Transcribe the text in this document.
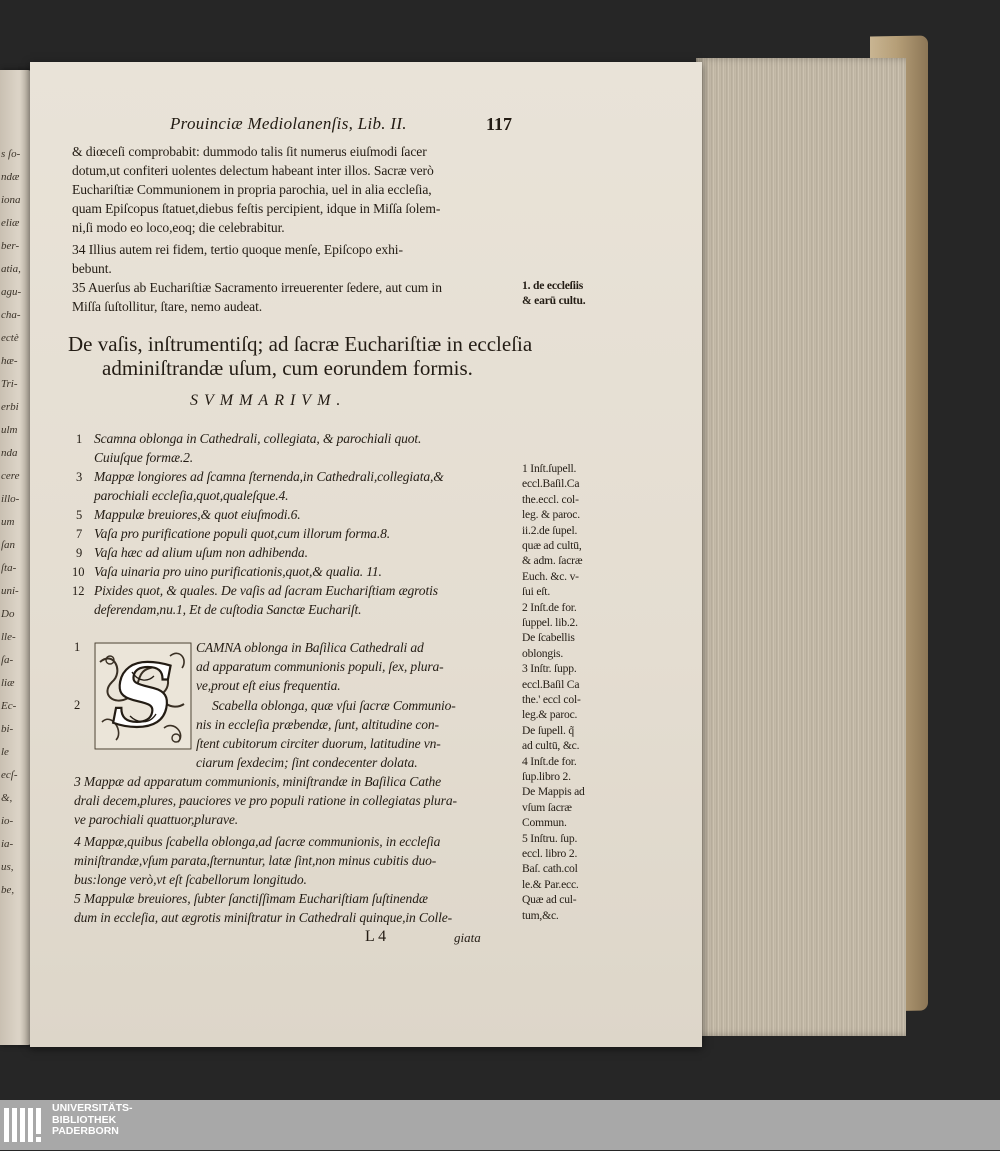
s ſo-
ndæ
iona
eliæ
ber-
atia,
agu-
cha-
ectè
hæ-
Tri-
erbi
ulm
nda
cere
illo-
um
ſan
ſta-
uni-
Do
lle-
ſa-
liæ
Ec-
bi-
le
ecſ-
&,
io-
ia-
us,
be,
Prouinciæ Mediolanenſis, Lib. II.	117
& diœceſi comprobabit: dummodo talis ſit numerus eiuſmodi ſacer
dotum,ut confiteri uolentes delectum habeant inter illos. Sacræ verò
Euchariſtiæ Communionem in propria parochia, uel in alia eccleſia,
quam Epiſcopus ſtatuet,diebus feſtis percipient, idque in Miſſa ſolem-
ni,ſi modo eo loco,eoq; die celebrabitur.
34 Illius autem rei fidem, tertio quoque menſe, Epiſcopo exhi-
bebunt.
35 Auerſus ab Euchariſtiæ Sacramento irreuerenter ſedere, aut cum in
Miſſa ſuſtollitur, ſtare, nemo audeat.
1. de eccleſiis
& earū cultu.
De vaſis, inſtrumentiſq; ad ſacræ Euchariſtiæ in eccleſia
adminiſtrandæ uſum, cum eorundem formis.
SVMMARIVM.
1 Scamna oblonga in Cathedrali, collegiata, & parochiali quot.
Cuiuſque formæ.2.
3 Mappæ longiores ad ſcamna ſternenda,in Cathedrali,collegiata,&
parochiali eccleſia,quot,qualeſque.4.
5 Mappulæ breuiores,& quot eiuſmodi.6.
7 Vaſa pro purificatione populi quot,cum illorum forma.8.
9 Vaſa hæc ad alium uſum non adhibenda.
10 Vaſa uinaria pro uino purificationis,quot,& qualia. 11.
12 Pixides quot, & quales. De vaſis ad ſacram Euchariſtiam ægrotis
deferendam,nu.1, Et de cuſtodia Sanctæ Euchariſt.
1
2 S CAMNA oblonga in Baſilica Cathedrali ad
ad apparatum communionis populi, ſex, plura-
ve,prout eſt eius frequentia.
Scabella oblonga, quæ vſui ſacræ Communio-
nis in eccleſia præbendæ, ſunt, altitudine con-
ſtent cubitorum circiter duorum, latitudine vn-
ciarum ſexdecim; ſint condecenter dolata.
3 Mappæ ad apparatum communionis, miniſtrandæ in Baſilica Cathe
drali decem,plures, pauciores ve pro populi ratione in collegiatas plura-
ve parochiali quattuor,plurave.
4 Mappæ,quibus ſcabella oblonga,ad ſacræ communionis, in eccleſia
miniſtrandæ,vſum parata,ſternuntur, latæ ſint,non minus cubitis duo-
bus:longe verò,vt eſt ſcabellorum longitudo.
5 Mappulæ breuiores, ſubter ſanctiſſimam Euchariſtiam ſuſtinendæ
dum in eccleſia, aut ægrotis miniſtratur in Cathedrali quinque,in Colle-
L 4	giata
1 Inſt.ſupell.
eccl.Baſil.Ca
the.eccl. col-
leg. & paroc.
ii.2.de ſupel.
quæ ad cultū,
& adm. ſacræ
Euch. &c. v-
ſui eſt.
2 Inſt.de for.
ſuppel. lib.2.
De ſcabellis
oblongis.
3 Inſtr. ſupp.
eccl.Baſil Ca
the.' eccl col-
leg.& paroc.
De ſupell. q̃
ad cultū, &c.
4 Inſt.de for.
ſup.libro 2.
De Mappis ad
vſum ſacræ
Commun.
5 Inſtru. ſup.
eccl. libro 2.
Baſ. cath.col
le.& Par.ecc.
Quæ ad cul-
tum,&c.
UNIVERSITÄTS-
BIBLIOTHEK
PADERBORN
